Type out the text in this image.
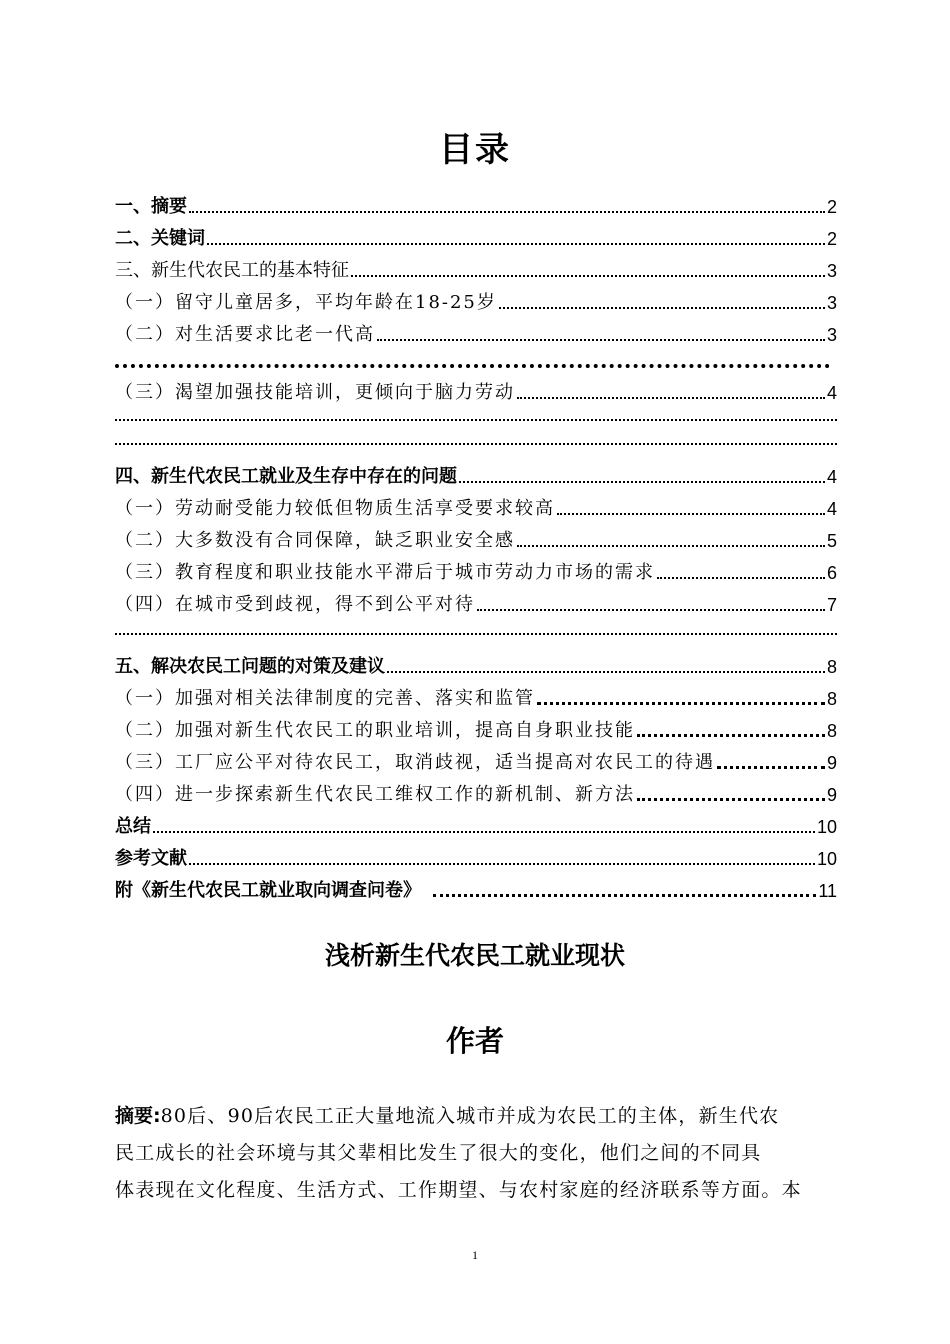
目录
一、摘要	2
二、关键词	2
三、新生代农民工的基本特征	3
（一）留守儿童居多，平均年龄在18-25岁	3
（二）对生活要求比老一代高	3
（三）渴望加强技能培训，更倾向于脑力劳动	4
四、新生代农民工就业及生存中存在的问题	4
（一）劳动耐受能力较低但物质生活享受要求较高	4
（二）大多数没有合同保障，缺乏职业安全感	5
（三）教育程度和职业技能水平滞后于城市劳动力市场的需求	6
（四）在城市受到歧视，得不到公平对待	7
五、解决农民工问题的对策及建议	8
（一）加强对相关法律制度的完善、落实和监管	8
（二）加强对新生代农民工的职业培训，提高自身职业技能	8
（三）工厂应公平对待农民工，取消歧视，适当提高对农民工的待遇	9
（四）进一步探索新生代农民工维权工作的新机制、新方法	9
总结	10
参考文献	10
附《新生代农民工就业取向调查问卷》	11
浅析新生代农民工就业现状
作者
摘要:80后、90后农民工正大量地流入城市并成为农民工的主体，新生代农
民工成长的社会环境与其父辈相比发生了很大的变化，他们之间的不同具
体表现在文化程度、生活方式、工作期望、与农村家庭的经济联系等方面。本
1
